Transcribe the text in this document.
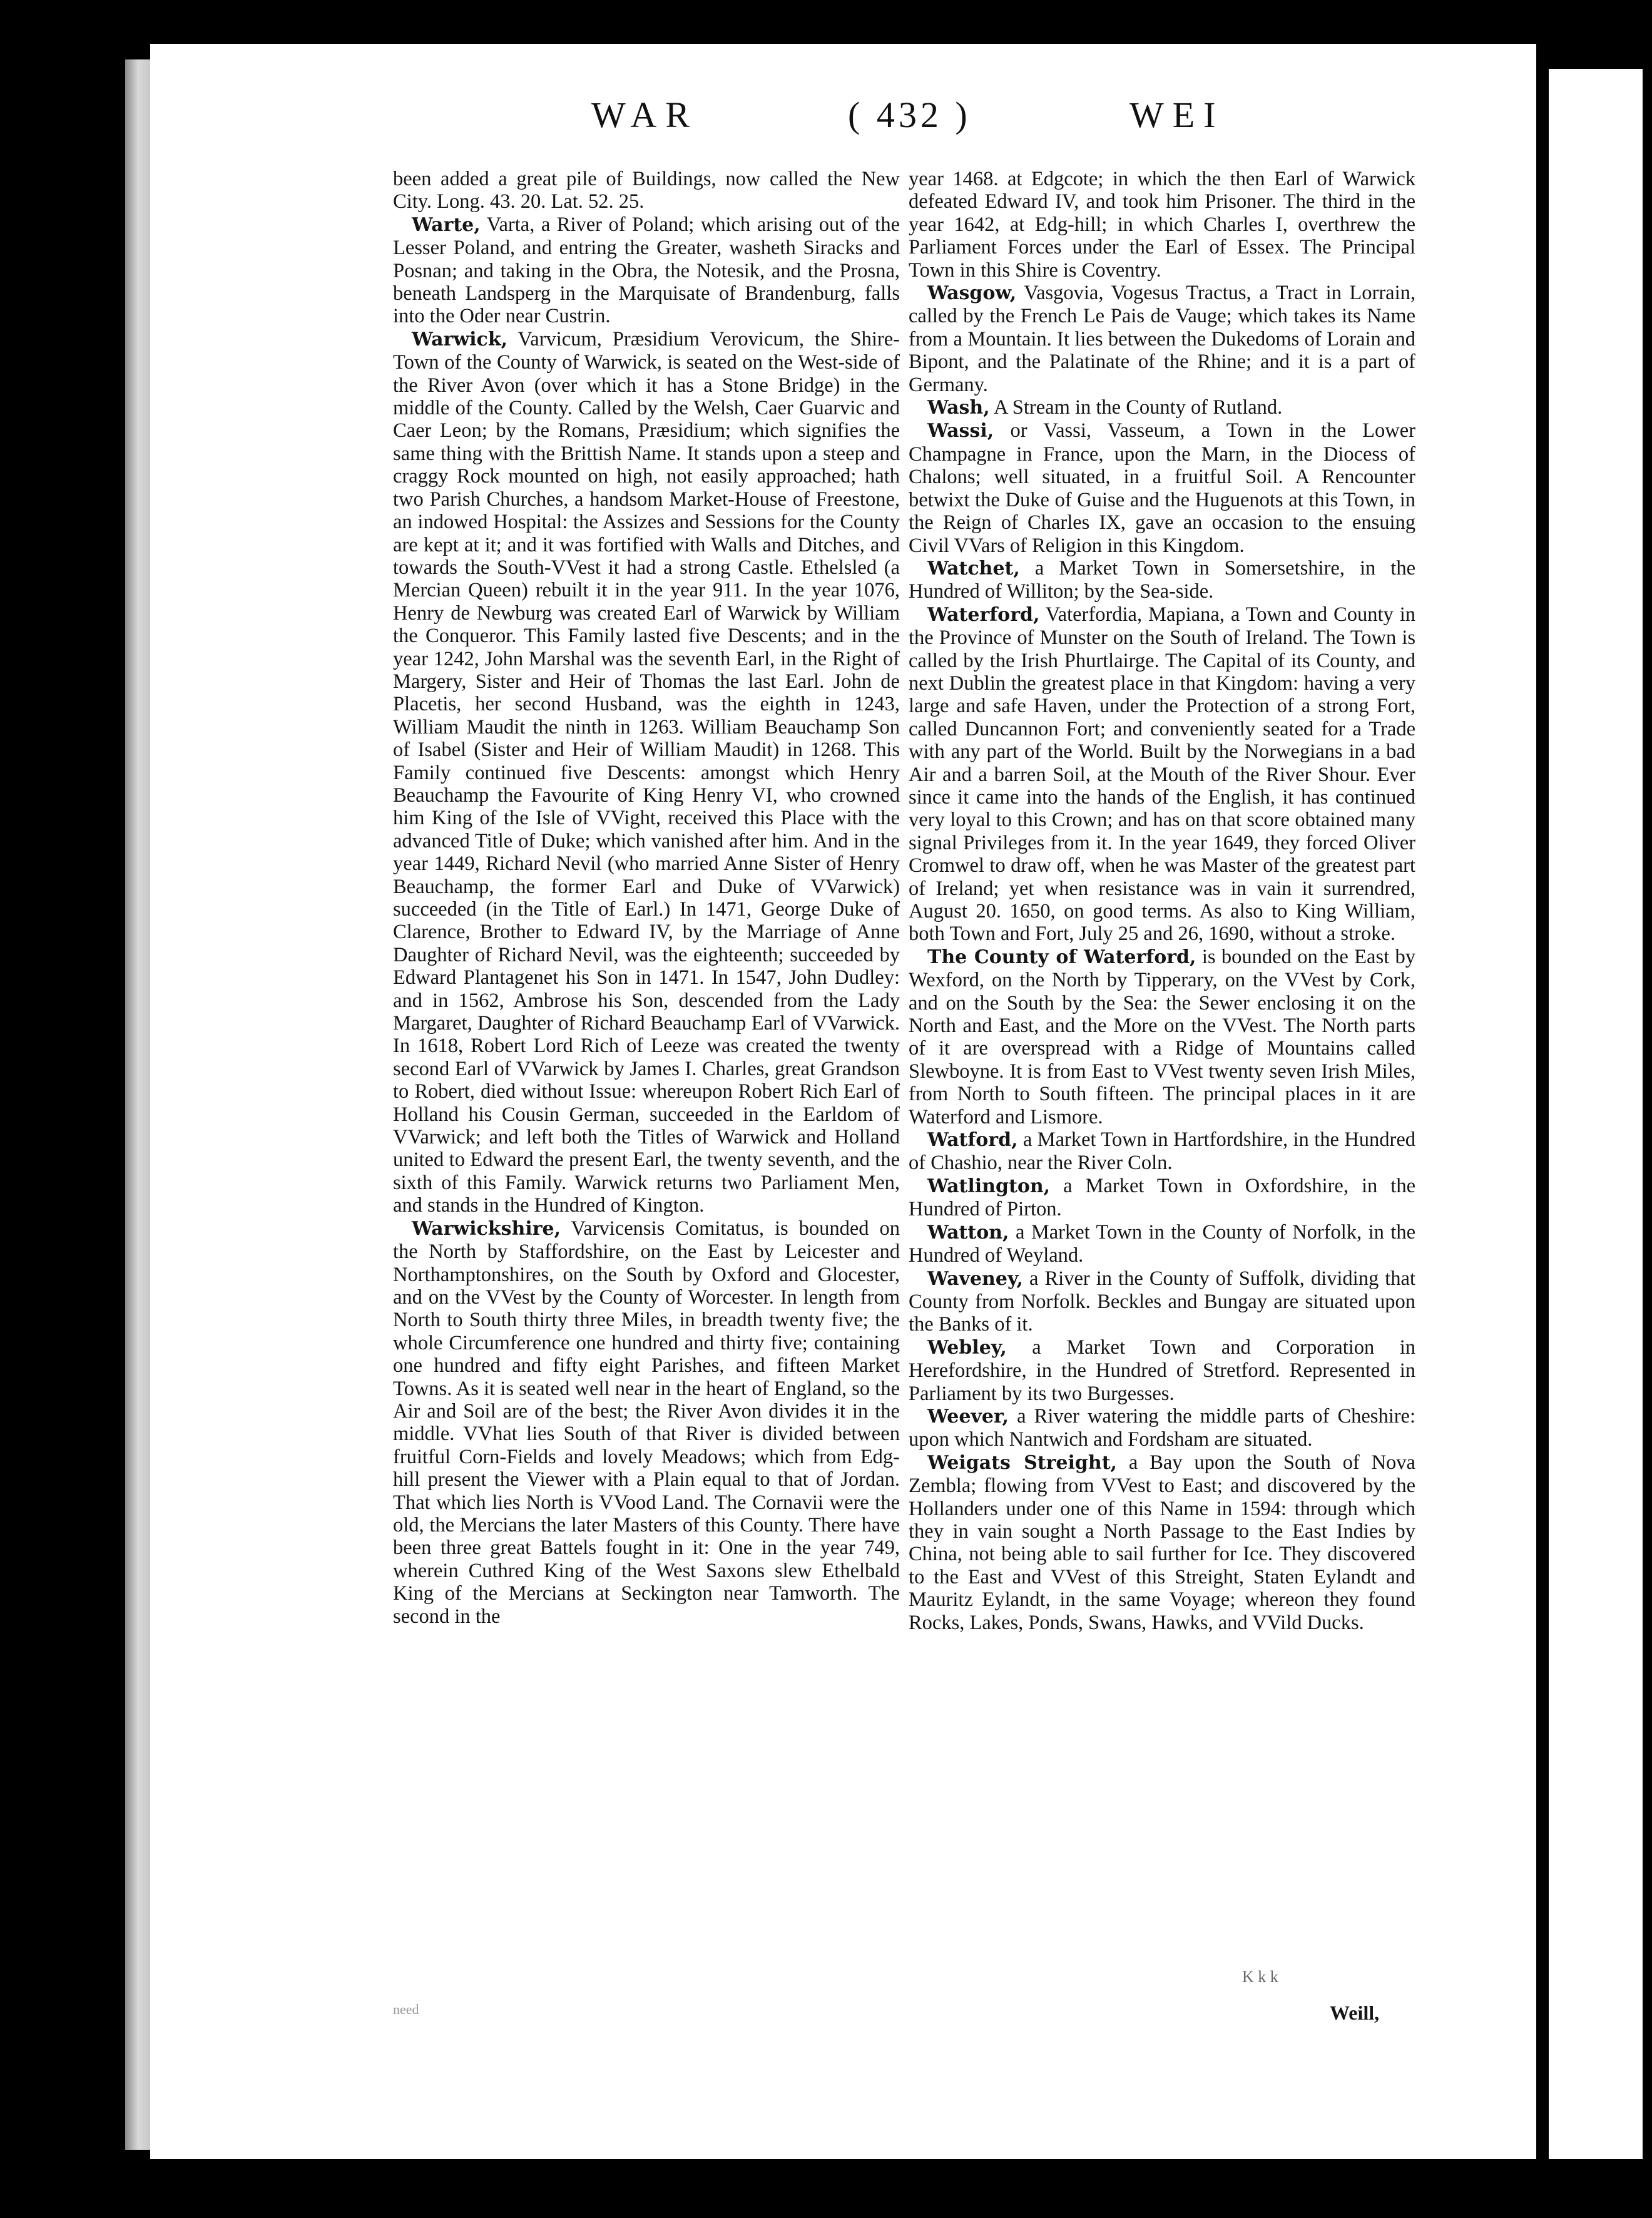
WAR	( 432 )	WEI

been added a great pile of Buildings, now called the New City. Long. 43. 20. Lat. 52. 25.

Warte, Varta, a River of Poland; which arising out of the Lesser Poland, and entring the Greater, washeth Siracks and Posnan; and taking in the Obra, the Notesik, and the Prosna, beneath Landsperg in the Marquisate of Brandenburg, falls into the Oder near Custrin.

Warwick, Varvicum, Præsidium Verovicum, the Shire-Town of the County of Warwick, is seated on the West-side of the River Avon (over which it has a Stone Bridge) in the middle of the County. Called by the Welsh, Caer Guarvic and Caer Leon; by the Romans, Præsidium; which signifies the same thing with the Brittish Name. It stands upon a steep and craggy Rock mounted on high, not easily approached; hath two Parish Churches, a handsom Market-House of Freestone, an indowed Hospital: the Assizes and Sessions for the County are kept at it; and it was fortified with Walls and Ditches, and towards the South-VVest it had a strong Castle. Ethelsled (a Mercian Queen) rebuilt it in the year 911. In the year 1076, Henry de Newburg was created Earl of Warwick by William the Conqueror. This Family lasted five Descents; and in the year 1242, John Marshal was the seventh Earl, in the Right of Margery, Sister and Heir of Thomas the last Earl. John de Placetis, her second Husband, was the eighth in 1243, William Maudit the ninth in 1263. William Beauchamp Son of Isabel (Sister and Heir of William Maudit) in 1268. This Family continued five Descents: amongst which Henry Beauchamp the Favourite of King Henry VI, who crowned him King of the Isle of VVight, received this Place with the advanced Title of Duke; which vanished after him. And in the year 1449, Richard Nevil (who married Anne Sister of Henry Beauchamp, the former Earl and Duke of VVarwick) succeeded (in the Title of Earl.) In 1471, George Duke of Clarence, Brother to Edward IV, by the Marriage of Anne Daughter of Richard Nevil, was the eighteenth; succeeded by Edward Plantagenet his Son in 1471. In 1547, John Dudley: and in 1562, Ambrose his Son, descended from the Lady Margaret, Daughter of Richard Beauchamp Earl of VVarwick. In 1618, Robert Lord Rich of Leeze was created the twenty second Earl of VVarwick by James I. Charles, great Grandson to Robert, died without Issue: whereupon Robert Rich Earl of Holland his Cousin German, succeeded in the Earldom of VVarwick; and left both the Titles of Warwick and Holland united to Edward the present Earl, the twenty seventh, and the sixth of this Family. Warwick returns two Parliament Men, and stands in the Hundred of Kington.

Warwickshire, Varvicensis Comitatus, is bounded on the North by Staffordshire, on the East by Leicester and Northamptonshires, on the South by Oxford and Glocester, and on the VVest by the County of Worcester. In length from North to South thirty three Miles, in breadth twenty five; the whole Circumference one hundred and thirty five; containing one hundred and fifty eight Parishes, and fifteen Market Towns. As it is seated well near in the heart of England, so the Air and Soil are of the best; the River Avon divides it in the middle. VVhat lies South of that River is divided between fruitful Corn-Fields and lovely Meadows; which from Edg-hill present the Viewer with a Plain equal to that of Jordan. That which lies North is VVood Land. The Cornavii were the old, the Mercians the later Masters of this County. There have been three great Battels fought in it: One in the year 749, wherein Cuthred King of the West Saxons slew Ethelbald King of the Mercians at Seckington near Tamworth. The second in the

year 1468. at Edgcote; in which the then Earl of Warwick defeated Edward IV, and took him Prisoner. The third in the year 1642, at Edg-hill; in which Charles I, overthrew the Parliament Forces under the Earl of Essex. The Principal Town in this Shire is Coventry.

Wasgow, Vasgovia, Vogesus Tractus, a Tract in Lorrain, called by the French Le Pais de Vauge; which takes its Name from a Mountain. It lies between the Dukedoms of Lorain and Bipont, and the Palatinate of the Rhine; and it is a part of Germany.

Wash, A Stream in the County of Rutland.

Wassi, or Vassi, Vasseum, a Town in the Lower Champagne in France, upon the Marn, in the Diocess of Chalons; well situated, in a fruitful Soil. A Rencounter betwixt the Duke of Guise and the Huguenots at this Town, in the Reign of Charles IX, gave an occasion to the ensuing Civil VVars of Religion in this Kingdom.

Watchet, a Market Town in Somersetshire, in the Hundred of Williton; by the Sea-side.

Waterford, Vaterfordia, Mapiana, a Town and County in the Province of Munster on the South of Ireland. The Town is called by the Irish Phurtlairge. The Capital of its County, and next Dublin the greatest place in that Kingdom: having a very large and safe Haven, under the Protection of a strong Fort, called Duncannon Fort; and conveniently seated for a Trade with any part of the World. Built by the Norwegians in a bad Air and a barren Soil, at the Mouth of the River Shour. Ever since it came into the hands of the English, it has continued very loyal to this Crown; and has on that score obtained many signal Privileges from it. In the year 1649, they forced Oliver Cromwel to draw off, when he was Master of the greatest part of Ireland; yet when resistance was in vain it surrendred, August 20. 1650, on good terms. As also to King William, both Town and Fort, July 25 and 26, 1690, without a stroke.

The County of Waterford, is bounded on the East by Wexford, on the North by Tipperary, on the VVest by Cork, and on the South by the Sea: the Sewer enclosing it on the North and East, and the More on the VVest. The North parts of it are overspread with a Ridge of Mountains called Slewboyne. It is from East to VVest twenty seven Irish Miles, from North to South fifteen. The principal places in it are Waterford and Lismore.

Watford, a Market Town in Hartfordshire, in the Hundred of Chashio, near the River Coln.

Watlington, a Market Town in Oxfordshire, in the Hundred of Pirton.

Watton, a Market Town in the County of Norfolk, in the Hundred of Weyland.

Waveney, a River in the County of Suffolk, dividing that County from Norfolk. Beckles and Bungay are situated upon the Banks of it.

Webley, a Market Town and Corporation in Herefordshire, in the Hundred of Stretford. Represented in Parliament by its two Burgesses.

Weever, a River watering the middle parts of Cheshire: upon which Nantwich and Fordsham are situated.

Weigats Streight, a Bay upon the South of Nova Zembla; flowing from VVest to East; and discovered by the Hollanders under one of this Name in 1594: through which they in vain sought a North Passage to the East Indies by China, not being able to sail further for Ice. They discovered to the East and VVest of this Streight, Staten Eylandt and Mauritz Eylandt, in the same Voyage; whereon they found Rocks, Lakes, Ponds, Swans, Hawks, and VVild Ducks.

need
K k k
Weill,
